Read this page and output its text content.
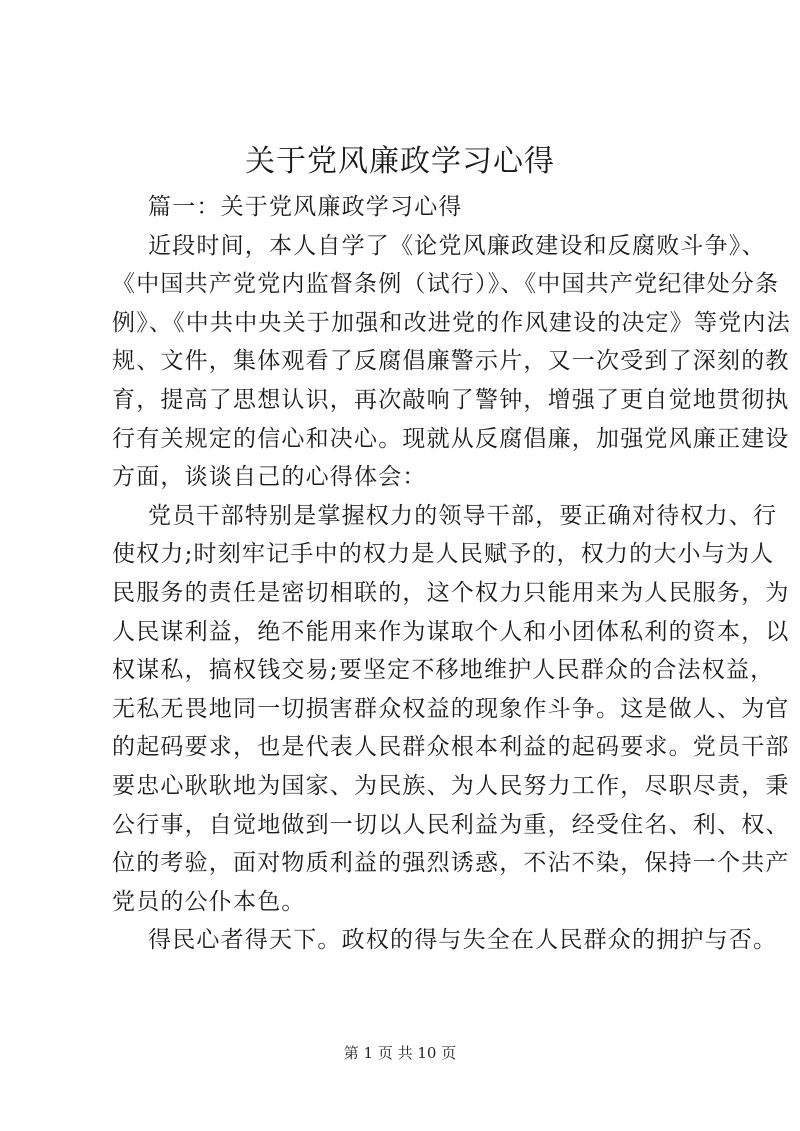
关于党风廉政学习心得
篇一：关于党风廉政学习心得
近段时间，本人自学了《论党风廉政建设和反腐败斗争》、
《中国共产党党内监督条例（试行）》、《中国共产党纪律处分条
例》、《中共中央关于加强和改进党的作风建设的决定》等党内法
规、文件，集体观看了反腐倡廉警示片，又一次受到了深刻的教
育，提高了思想认识，再次敲响了警钟，增强了更自觉地贯彻执
行有关规定的信心和决心。现就从反腐倡廉，加强党风廉正建设
方面，谈谈自己的心得体会：
党员干部特别是掌握权力的领导干部，要正确对待权力、行
使权力;时刻牢记手中的权力是人民赋予的，权力的大小与为人
民服务的责任是密切相联的，这个权力只能用来为人民服务，为
人民谋利益，绝不能用来作为谋取个人和小团体私利的资本，以
权谋私，搞权钱交易;要坚定不移地维护人民群众的合法权益，
无私无畏地同一切损害群众权益的现象作斗争。这是做人、为官
的起码要求，也是代表人民群众根本利益的起码要求。党员干部
要忠心耿耿地为国家、为民族、为人民努力工作，尽职尽责，秉
公行事，自觉地做到一切以人民利益为重，经受住名、利、权、
位的考验，面对物质利益的强烈诱惑，不沾不染，保持一个共产
党员的公仆本色。
得民心者得天下。政权的得与失全在人民群众的拥护与否。
第 1 页 共 10 页
